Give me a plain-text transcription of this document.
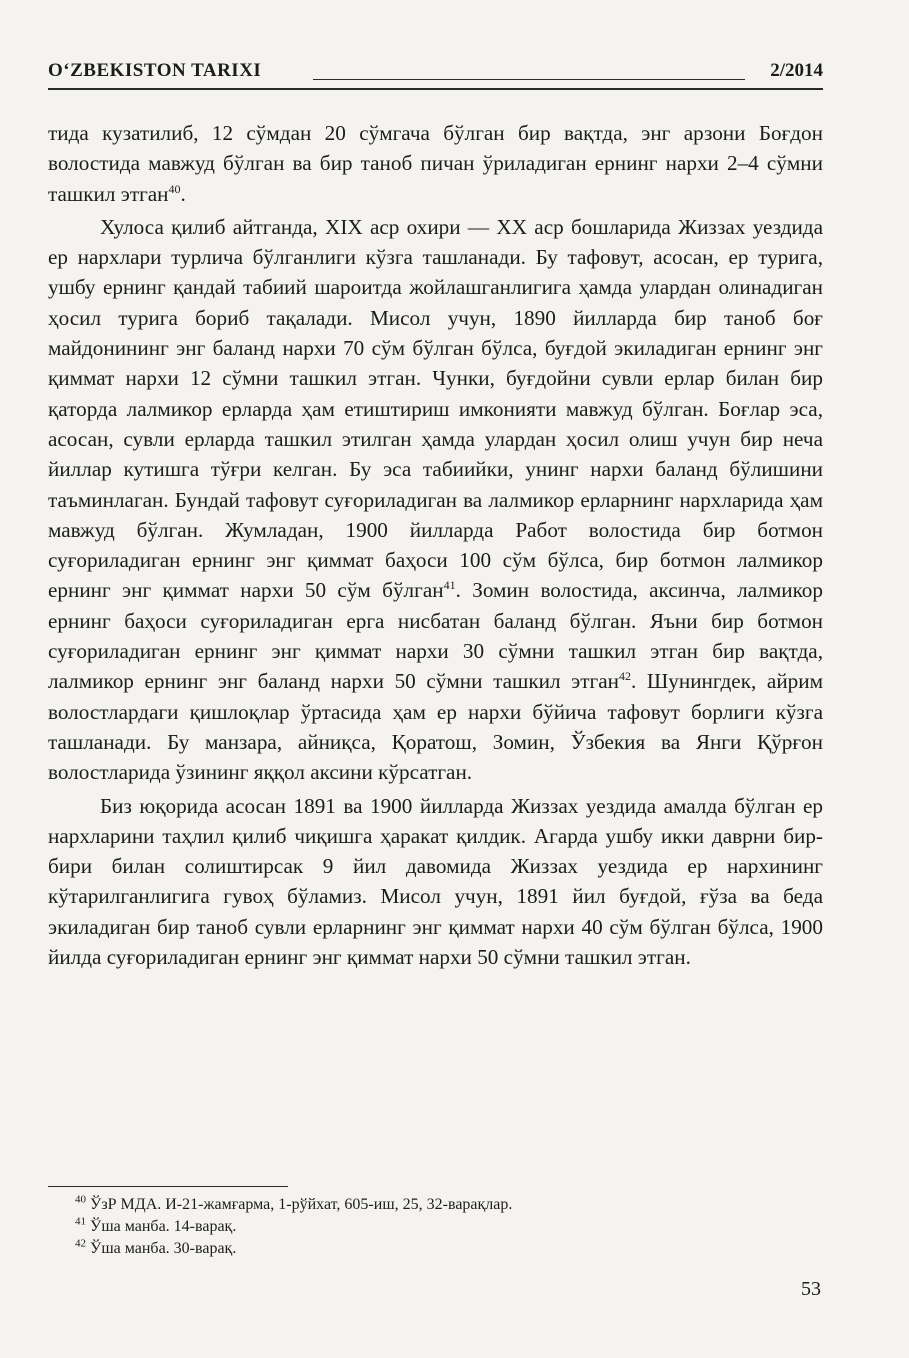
O‘ZBEKISTON TARIXI	2/2014

тида кузатилиб, 12 сўмдан 20 сўмгача бўлган бир вақтда, энг арзони Боғдон волостида мавжуд бўлган ва бир таноб пичан ўриладиган ернинг нархи 2–4 сўмни ташкил этган$^{40}$.

Хулоса қилиб айтганда, XIX аср охири — XX аср бошларида Жиззах уездида ер нархлари турлича бўлганлиги кўзга ташланади. Бу тафовут, асосан, ер турига, ушбу ернинг қандай табиий шароитда жойлашганлигига ҳамда улардан олинадиган ҳосил турига бориб тақалади. Мисол учун, 1890 йилларда бир таноб боғ майдонининг энг баланд нархи 70 сўм бўлган бўлса, буғдой экиладиган ернинг энг қиммат нархи 12 сўмни ташкил этган. Чунки, буғдойни сувли ерлар билан бир қаторда лалмикор ерларда ҳам етиштириш имконияти мавжуд бўлган. Боғлар эса, асосан, сувли ерларда ташкил этилган ҳамда улардан ҳосил олиш учун бир неча йиллар кутишга тўғри келган. Бу эса табиийки, унинг нархи баланд бўлишини таъминлаган. Бундай тафовут суғориладиган ва лалмикор ерларнинг нархларида ҳам мавжуд бўлган. Жумладан, 1900 йилларда Работ волостида бир ботмон суғориладиган ернинг энг қиммат баҳоси 100 сўм бўлса, бир ботмон лалмикор ернинг энг қиммат нархи 50 сўм бўлган$^{41}$. Зомин волостида, аксинча, лалмикор ернинг баҳоси суғориладиган ерга нисбатан баланд бўлган. Яъни бир ботмон суғориладиган ернинг энг қиммат нархи 30 сўмни ташкил этган бир вақтда, лалмикор ернинг энг баланд нархи 50 сўмни ташкил этган$^{42}$. Шунингдек, айрим волостлардаги қишлоқлар ўртасида ҳам ер нархи бўйича тафовут борлиги кўзга ташланади. Бу манзара, айниқса, Қоратош, Зомин, Ўзбекия ва Янги Қўрғон волостларида ўзининг яққол аксини кўрсатган.

Биз юқорида асосан 1891 ва 1900 йилларда Жиззах уездида амалда бўлган ер нархларини таҳлил қилиб чиқишга ҳаракат қилдик. Агарда ушбу икки даврни бир-бири билан солиштирсак 9 йил давомида Жиззах уездида ер нархининг кўтарилганлигига гувоҳ бўламиз. Мисол учун, 1891 йил буғдой, ғўза ва беда экиладиган бир таноб сувли ерларнинг энг қиммат нархи 40 сўм бўлган бўлса, 1900 йилда суғориладиган ернинг энг қиммат нархи 50 сўмни ташкил этган.

$^{40}$ ЎзР МДА. И-21-жамғарма, 1-рўйхат, 605-иш, 25, 32-варақлар.
$^{41}$ Ўша манба. 14-варақ.
$^{42}$ Ўша манба. 30-варақ.
53
